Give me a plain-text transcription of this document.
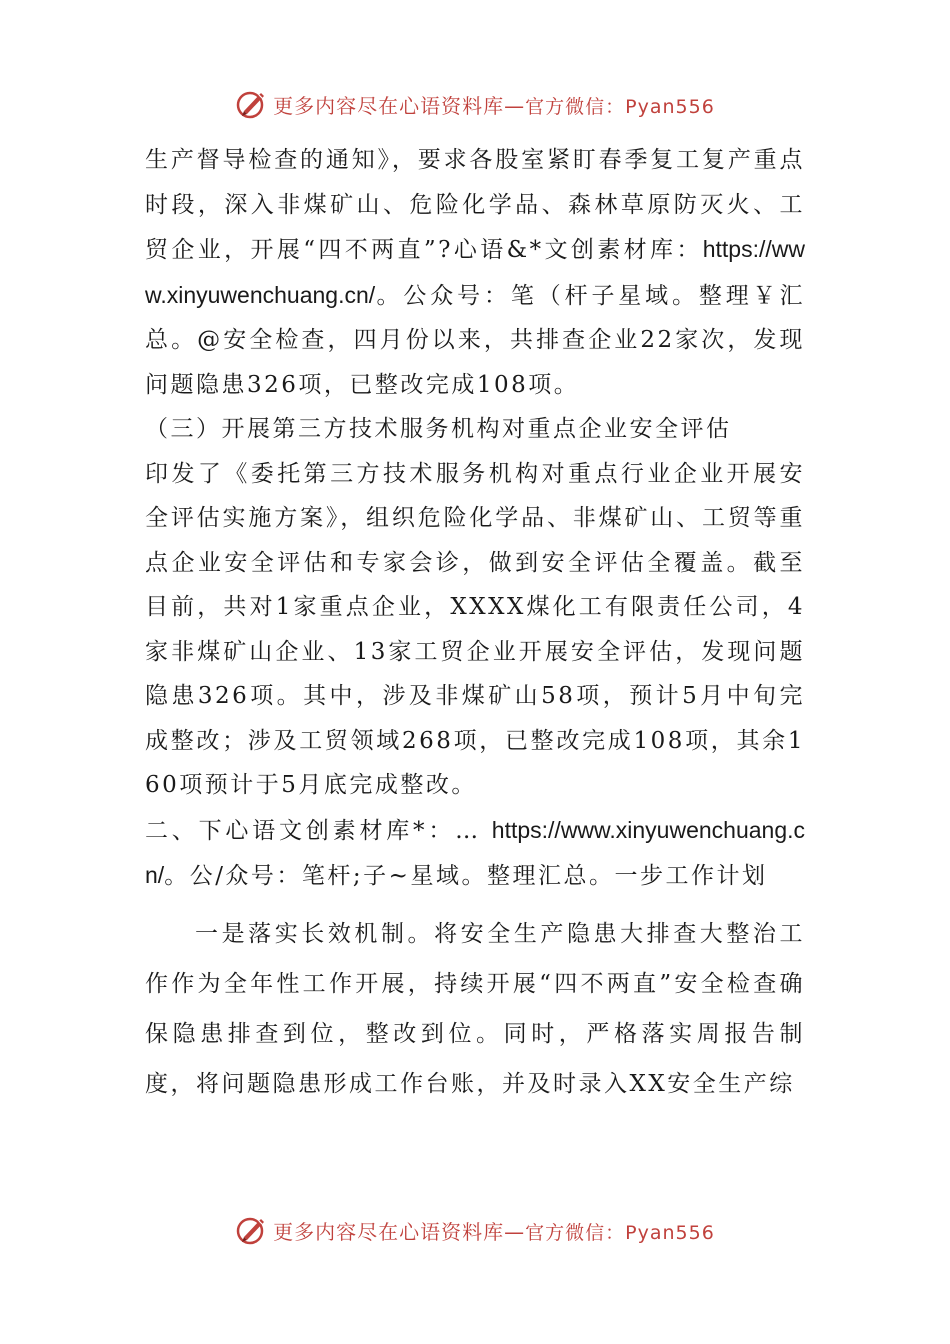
更多内容尽在心语资料库—官方微信：Pyan556

生产督导检查的通知》，要求各股室紧盯春季复工复产重点时段，深入非煤矿山、危险化学品、森林草原防灭火、工贸企业，开展“四不两直”?心语&*文创素材库：https://www.xinyuwenchuang.cn/。公众号：笔（杆子星域。整理￥汇总。@安全检查，四月份以来，共排查企业22家次，发现问题隐患326项，已整改完成108项。

（三）开展第三方技术服务机构对重点企业安全评估

印发了《委托第三方技术服务机构对重点行业企业开展安全评估实施方案》，组织危险化学品、非煤矿山、工贸等重点企业安全评估和专家会诊，做到安全评估全覆盖。截至目前，共对1家重点企业，XXXX煤化工有限责任公司，4家非煤矿山企业、13家工贸企业开展安全评估，发现问题隐患326项。其中，涉及非煤矿山58项，预计5月中旬完成整改；涉及工贸领域268项，已整改完成108项，其余160项预计于5月底完成整改。

二、下心语文创素材库*：… https://www.xinyuwenchuang.cn/。公/众号：笔杆;子~星域。整理汇总。一步工作计划

一是落实长效机制。将安全生产隐患大排查大整治工作作为全年性工作开展，持续开展“四不两直”安全检查确保隐患排查到位，整改到位。同时，严格落实周报告制度，将问题隐患形成工作台账，并及时录入XX安全生产综

更多内容尽在心语资料库—官方微信：Pyan556
